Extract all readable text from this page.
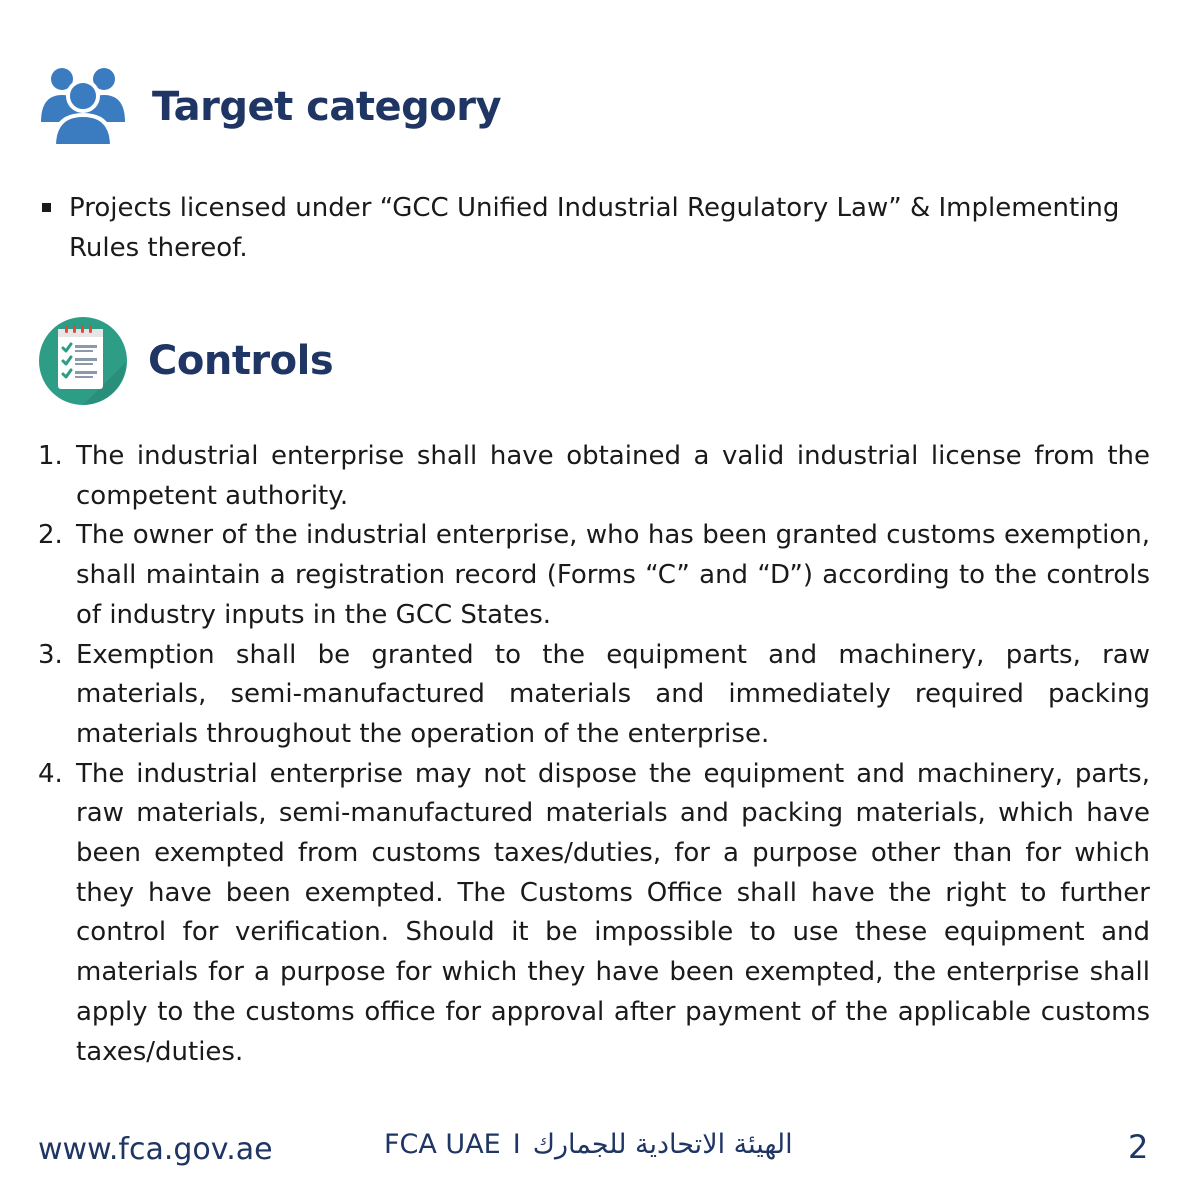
Target category
Projects licensed under “GCC Unified Industrial Regulatory Law” & Implementing Rules thereof.
Controls
1. The industrial enterprise shall have obtained a valid industrial license from the competent authority.
2. The owner of the industrial enterprise, who has been granted customs exemption, shall maintain a registration record (Forms “C” and “D”) according to the controls of industry inputs in the GCC States.
3. Exemption shall be granted to the equipment and machinery, parts, raw materials, semi-manufactured materials and immediately required packing materials throughout the operation of the enterprise.
4. The industrial enterprise may not dispose the equipment and machinery, parts, raw materials, semi-manufactured materials and packing materials, which have been exempted from customs taxes/duties, for a purpose other than for which they have been exempted. The Customs Office shall have the right to further control for verification. Should it be impossible to use these equipment and materials for a purpose for which they have been exempted, the enterprise shall apply to the customs office for approval after payment of the applicable customs taxes/duties.
www.fca.gov.ae	FCA UAE I الهيئة الاتحادية للجمارك	2
